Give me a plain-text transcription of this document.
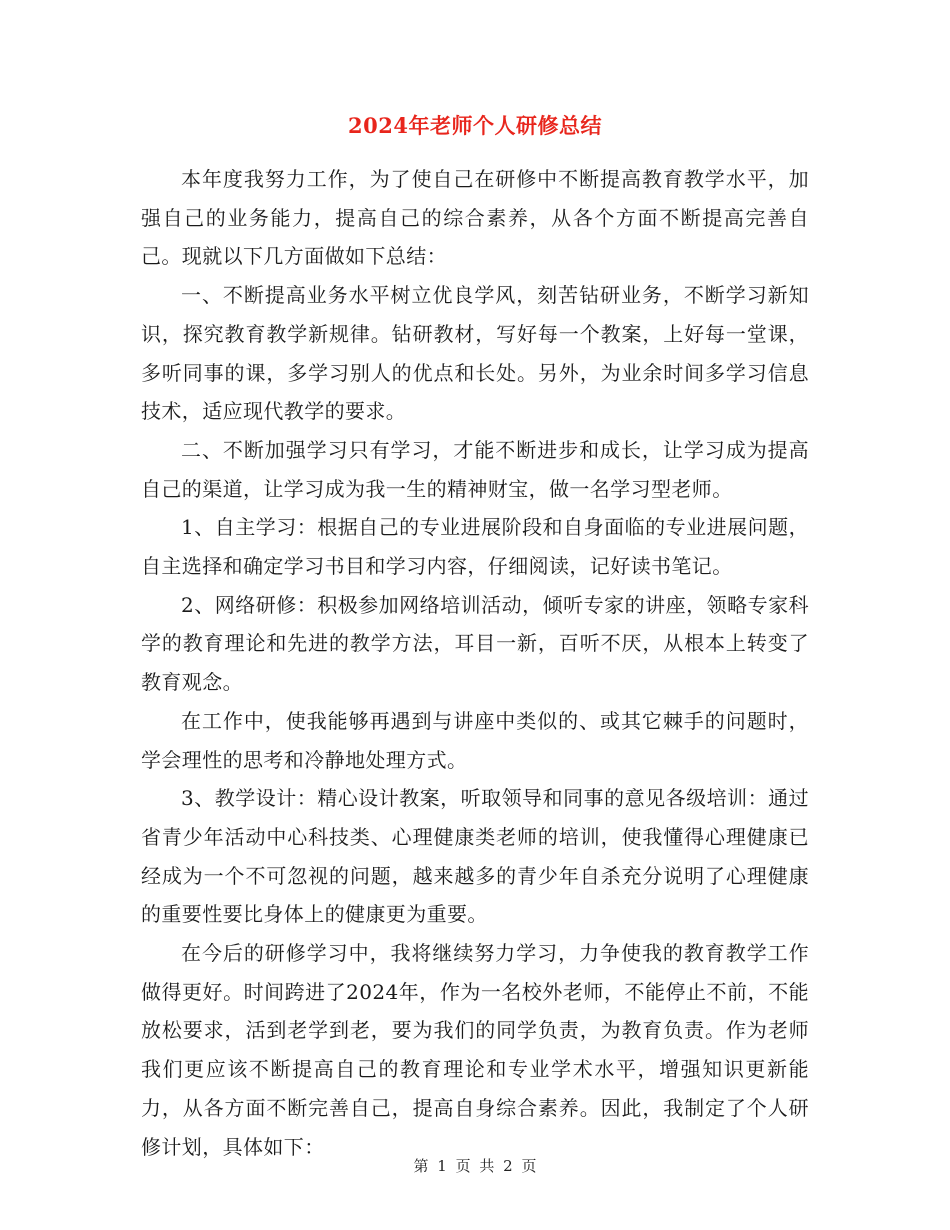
2024年老师个人研修总结

本年度我努力工作，为了使自己在研修中不断提高教育教学水平，加强自己的业务能力，提高自己的综合素养，从各个方面不断提高完善自己。现就以下几方面做如下总结：

一、不断提高业务水平树立优良学风，刻苦钻研业务，不断学习新知识，探究教育教学新规律。钻研教材，写好每一个教案，上好每一堂课，多听同事的课，多学习别人的优点和长处。另外，为业余时间多学习信息技术，适应现代教学的要求。

二、不断加强学习只有学习，才能不断进步和成长，让学习成为提高自己的渠道，让学习成为我一生的精神财宝，做一名学习型老师。

1、自主学习：根据自己的专业进展阶段和自身面临的专业进展问题，自主选择和确定学习书目和学习内容，仔细阅读，记好读书笔记。

2、网络研修：积极参加网络培训活动，倾听专家的讲座，领略专家科学的教育理论和先进的教学方法，耳目一新，百听不厌，从根本上转变了教育观念。

在工作中，使我能够再遇到与讲座中类似的、或其它棘手的问题时，学会理性的思考和冷静地处理方式。

3、教学设计：精心设计教案，听取领导和同事的意见各级培训：通过省青少年活动中心科技类、心理健康类老师的培训，使我懂得心理健康已经成为一个不可忽视的问题，越来越多的青少年自杀充分说明了心理健康的重要性要比身体上的健康更为重要。

在今后的研修学习中，我将继续努力学习，力争使我的教育教学工作做得更好。时间跨进了2024年，作为一名校外老师，不能停止不前，不能放松要求，活到老学到老，要为我们的同学负责，为教育负责。作为老师我们更应该不断提高自己的教育理论和专业学术水平，增强知识更新能力，从各方面不断完善自己，提高自身综合素养。因此，我制定了个人研修计划，具体如下：

第 1 页 共 2 页
